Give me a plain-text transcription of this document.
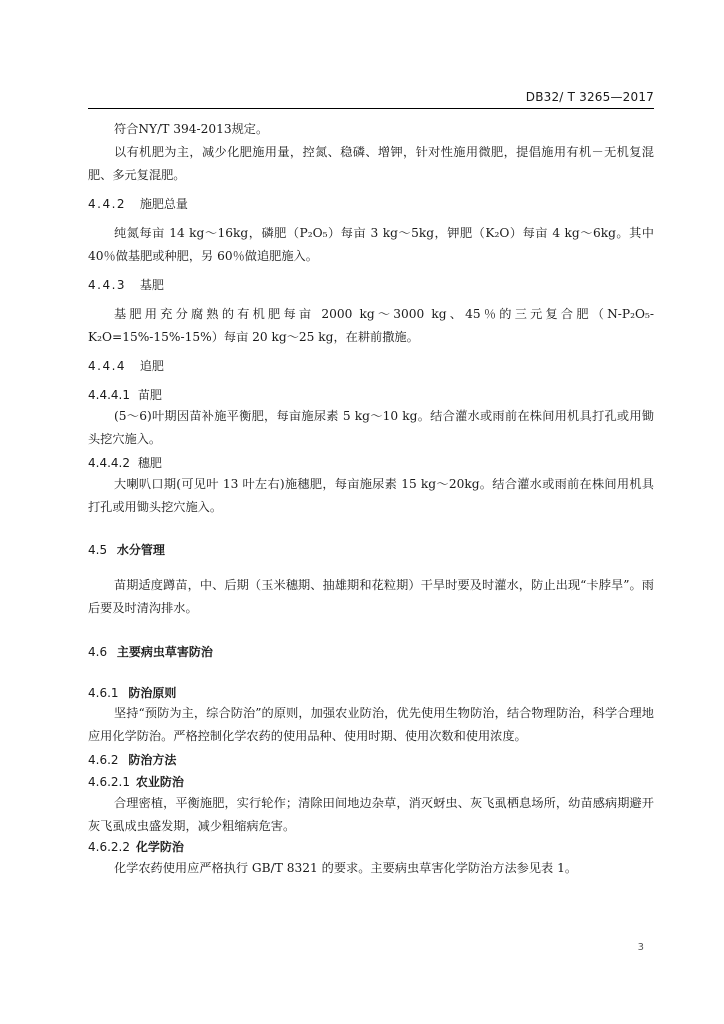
DB32/ T 3265—2017
符合NY/T 394-2013规定。
以有机肥为主，减少化肥施用量，控氮、稳磷、增钾，针对性施用微肥，提倡施用有机－无机复混肥、多元复混肥。
4.4.2 施肥总量
纯氮每亩 14 kg～16kg，磷肥（P₂O₅）每亩 3 kg～5kg，钾肥（K₂O）每亩 4 kg～6kg。其中 40％做基肥或种肥，另 60％做追肥施入。
4.4.3 基肥
基肥用充分腐熟的有机肥每亩 2000 kg～3000 kg、45％的三元复合肥（N-P₂O₅-K₂O=15%-15%-15%）每亩 20 kg～25 kg，在耕前撒施。
4.4.4 追肥
4.4.4.1 苗肥
(5～6)叶期因苗补施平衡肥，每亩施尿素 5 kg～10 kg。结合灌水或雨前在株间用机具打孔或用锄头挖穴施入。
4.4.4.2 穗肥
大喇叭口期(可见叶 13 叶左右)施穗肥，每亩施尿素 15 kg～20kg。结合灌水或雨前在株间用机具打孔或用锄头挖穴施入。
4.5 水分管理
苗期适度蹲苗，中、后期（玉米穗期、抽雄期和花粒期）干旱时要及时灌水，防止出现“卡脖旱”。雨后要及时清沟排水。
4.6 主要病虫草害防治
4.6.1 防治原则
坚持“预防为主，综合防治”的原则，加强农业防治，优先使用生物防治，结合物理防治，科学合理地应用化学防治。严格控制化学农药的使用品种、使用时期、使用次数和使用浓度。
4.6.2 防治方法
4.6.2.1 农业防治
合理密植，平衡施肥，实行轮作；清除田间地边杂草，消灭蚜虫、灰飞虱栖息场所，幼苗感病期避开灰飞虱成虫盛发期，减少粗缩病危害。
4.6.2.2 化学防治
化学农药使用应严格执行 GB/T 8321 的要求。主要病虫草害化学防治方法参见表 1。
3
